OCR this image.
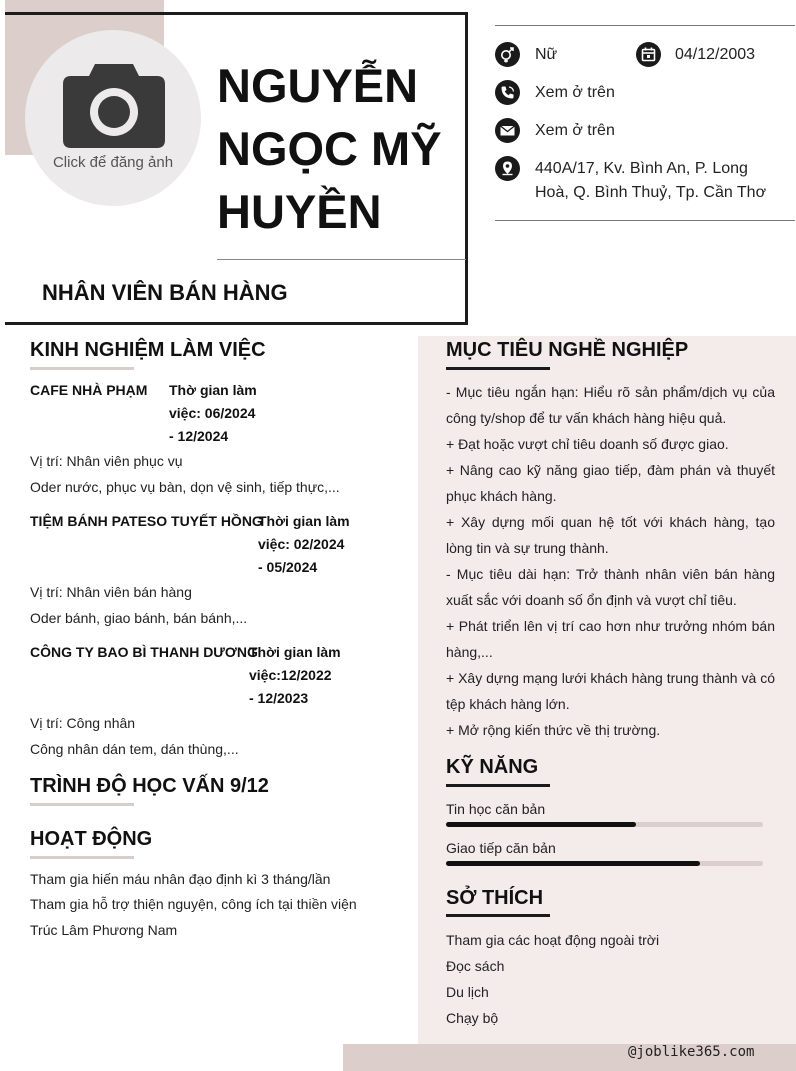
Click để đăng ảnh
NGUYỄN
NGỌC MỸ
HUYỀN
NHÂN VIÊN BÁN HÀNG
Nữ	04/12/2003
Xem ở trên
Xem ở trên
440A/17, Kv. Bình An, P. Long
Hoà, Q. Bình Thuỷ, Tp. Cần Thơ
KINH NGHIỆM LÀM VIỆC
CAFE NHÀ PHẠM Thờ gian làm
việc: 06/2024
- 12/2024
Vị trí: Nhân viên phục vụ
Oder nước, phục vụ bàn, dọn vệ sinh, tiếp thực,...
TIỆM BÁNH PATESO TUYẾT HỒNG
Thời gian làm
việc: 02/2024
- 05/2024
Vị trí: Nhân viên bán hàng
Oder bánh, giao bánh, bán bánh,...
CÔNG TY BAO BÌ THANH DƯƠNG
Thời gian làm
việc:12/2022
- 12/2023
Vị trí: Công nhân
Công nhân dán tem, dán thùng,...
TRÌNH ĐỘ HỌC VẤN 9/12
HOẠT ĐỘNG
Tham gia hiến máu nhân đạo định kì 3 tháng/lần
Tham gia hỗ trợ thiện nguyện, công ích tại thiền viện
Trúc Lâm Phương Nam
MỤC TIÊU NGHỀ NGHIỆP

- Mục tiêu ngắn hạn: Hiểu rõ sản phẩm/dịch vụ của công ty/shop để tư vấn khách hàng hiệu quả.

+ Đạt hoặc vượt chỉ tiêu doanh số được giao.

+ Nâng cao kỹ năng giao tiếp, đàm phán và thuyết phục khách hàng.

+ Xây dựng mối quan hệ tốt với khách hàng, tạo lòng tin và sự trung thành.

- Mục tiêu dài hạn: Trở thành nhân viên bán hàng xuất sắc với doanh số ổn định và vượt chỉ tiêu.

+ Phát triển lên vị trí cao hơn như trưởng nhóm bán hàng,...

+ Xây dựng mạng lưới khách hàng trung thành và có tệp khách hàng lớn.

+ Mở rộng kiến thức về thị trường.

KỸ NĂNG
Tin học căn bản
Giao tiếp căn bản
SỞ THÍCH
Tham gia các hoạt động ngoài trời
Đọc sách
Du lịch
Chạy bộ
@joblike365.com
